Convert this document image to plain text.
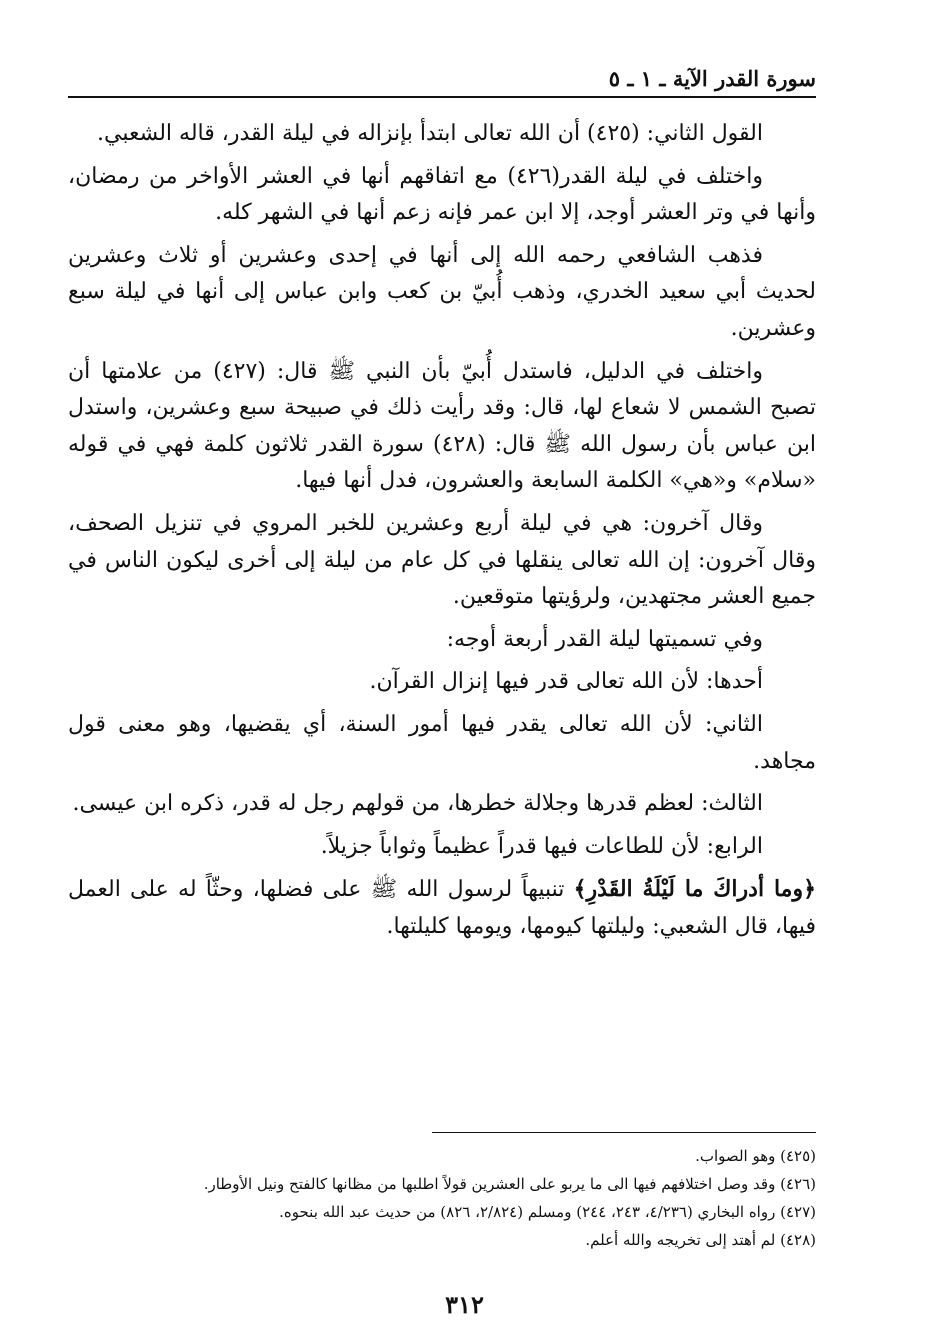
سورة القدر الآية ـ ١ ـ ٥

القول الثاني: (٤٢٥) أن الله تعالى ابتدأ بإنزاله في ليلة القدر، قاله الشعبي.

واختلف في ليلة القدر(٤٢٦) مع اتفاقهم أنها في العشر الأواخر من رمضان، وأنها في وتر العشر أوجد، إلا ابن عمر فإنه زعم أنها في الشهر كله.

فذهب الشافعي رحمه الله إلى أنها في إحدى وعشرين أو ثلاث وعشرين لحديث أبي سعيد الخدري، وذهب أُبيّ بن كعب وابن عباس إلى أنها في ليلة سبع وعشرين.

واختلف في الدليل، فاستدل أُبيّ بأن النبي ﷺ قال: (٤٢٧) من علامتها أن تصبح الشمس لا شعاع لها، قال: وقد رأيت ذلك في صبيحة سبع وعشرين، واستدل ابن عباس بأن رسول الله ﷺ قال: (٤٢٨) سورة القدر ثلاثون كلمة فهي في قوله «سلام» و«هي» الكلمة السابعة والعشرون، فدل أنها فيها.

وقال آخرون: هي في ليلة أربع وعشرين للخبر المروي في تنزيل الصحف، وقال آخرون: إن الله تعالى ينقلها في كل عام من ليلة إلى أخرى ليكون الناس في جميع العشر مجتهدين، ولرؤيتها متوقعين.

وفي تسميتها ليلة القدر أربعة أوجه:

أحدها: لأن الله تعالى قدر فيها إنزال القرآن.

الثاني: لأن الله تعالى يقدر فيها أمور السنة، أي يقضيها، وهو معنى قول مجاهد.

الثالث: لعظم قدرها وجلالة خطرها، من قولهم رجل له قدر، ذكره ابن عيسى.

الرابع: لأن للطاعات فيها قدراً عظيماً وثواباً جزيلاً.

﴿وما أدراكَ ما لَيْلَةُ القَدْرِ﴾ تنبيهاً لرسول الله ﷺ على فضلها، وحثّاً له على العمل فيها، قال الشعبي: وليلتها كيومها، ويومها كليلتها.

(٤٢٥) وهو الصواب.
(٤٢٦) وقد وصل اختلافهم فيها الى ما يربو على العشرين قولاً اطلبها من مظانها كالفتح ونيل الأوطار.
(٤٢٧) رواه البخاري (٤/٢٣٦، ٢٤٣، ٢٤٤) ومسلم (٢/٨٢٤، ٨٢٦) من حديث عبد الله بنحوه.
(٤٢٨) لم أهتد إلى تخريجه والله أعلم.
٣١٢
